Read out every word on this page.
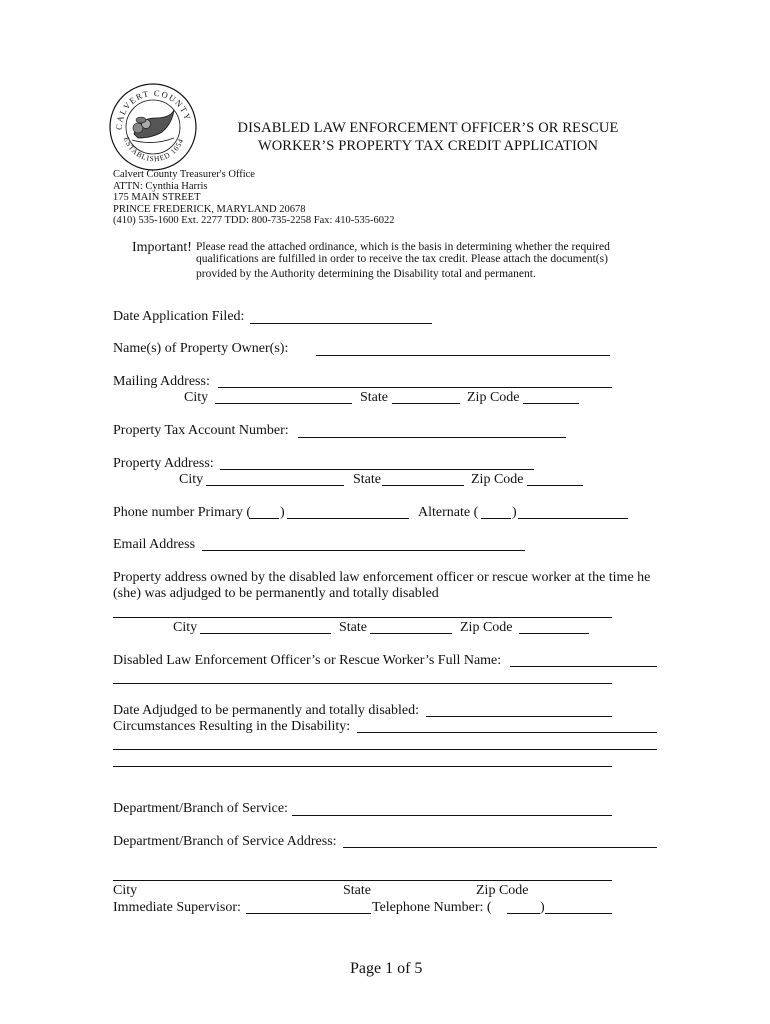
CALVERT COUNTY
ESTABLISHED 1654
DISABLED LAW ENFORCEMENT OFFICER’S OR RESCUE
WORKER’S PROPERTY TAX CREDIT APPLICATION
Calvert County Treasurer's Office
ATTN: Cynthia Harris
175 MAIN STREET
PRINCE FREDERICK, MARYLAND 20678
(410) 535-1600 Ext. 2277 TDD: 800-735-2258 Fax: 410-535-6022
Important! Please read the attached ordinance, which is the basis in determining whether the required
qualifications are fulfilled in order to receive the tax credit. Please attach the document(s)
provided by the Authority determining the Disability total and permanent.
Date Application Filed:
Name(s) of Property Owner(s):
Mailing Address:
City	State	Zip Code
Property Tax Account Number:
Property Address:
City	State	Zip Code
Phone number Primary ( )	Alternate ( )
Email Address
Property address owned by the disabled law enforcement officer or rescue worker at the time he
(she) was adjudged to be permanently and totally disabled
City	State	Zip Code
Disabled Law Enforcement Officer’s or Rescue Worker’s Full Name:
Date Adjudged to be permanently and totally disabled:
Circumstances Resulting in the Disability:
Department/Branch of Service:
Department/Branch of Service Address:
City	State	Zip Code
Immediate Supervisor:	Telephone Number: (	)
Page 1 of 5
